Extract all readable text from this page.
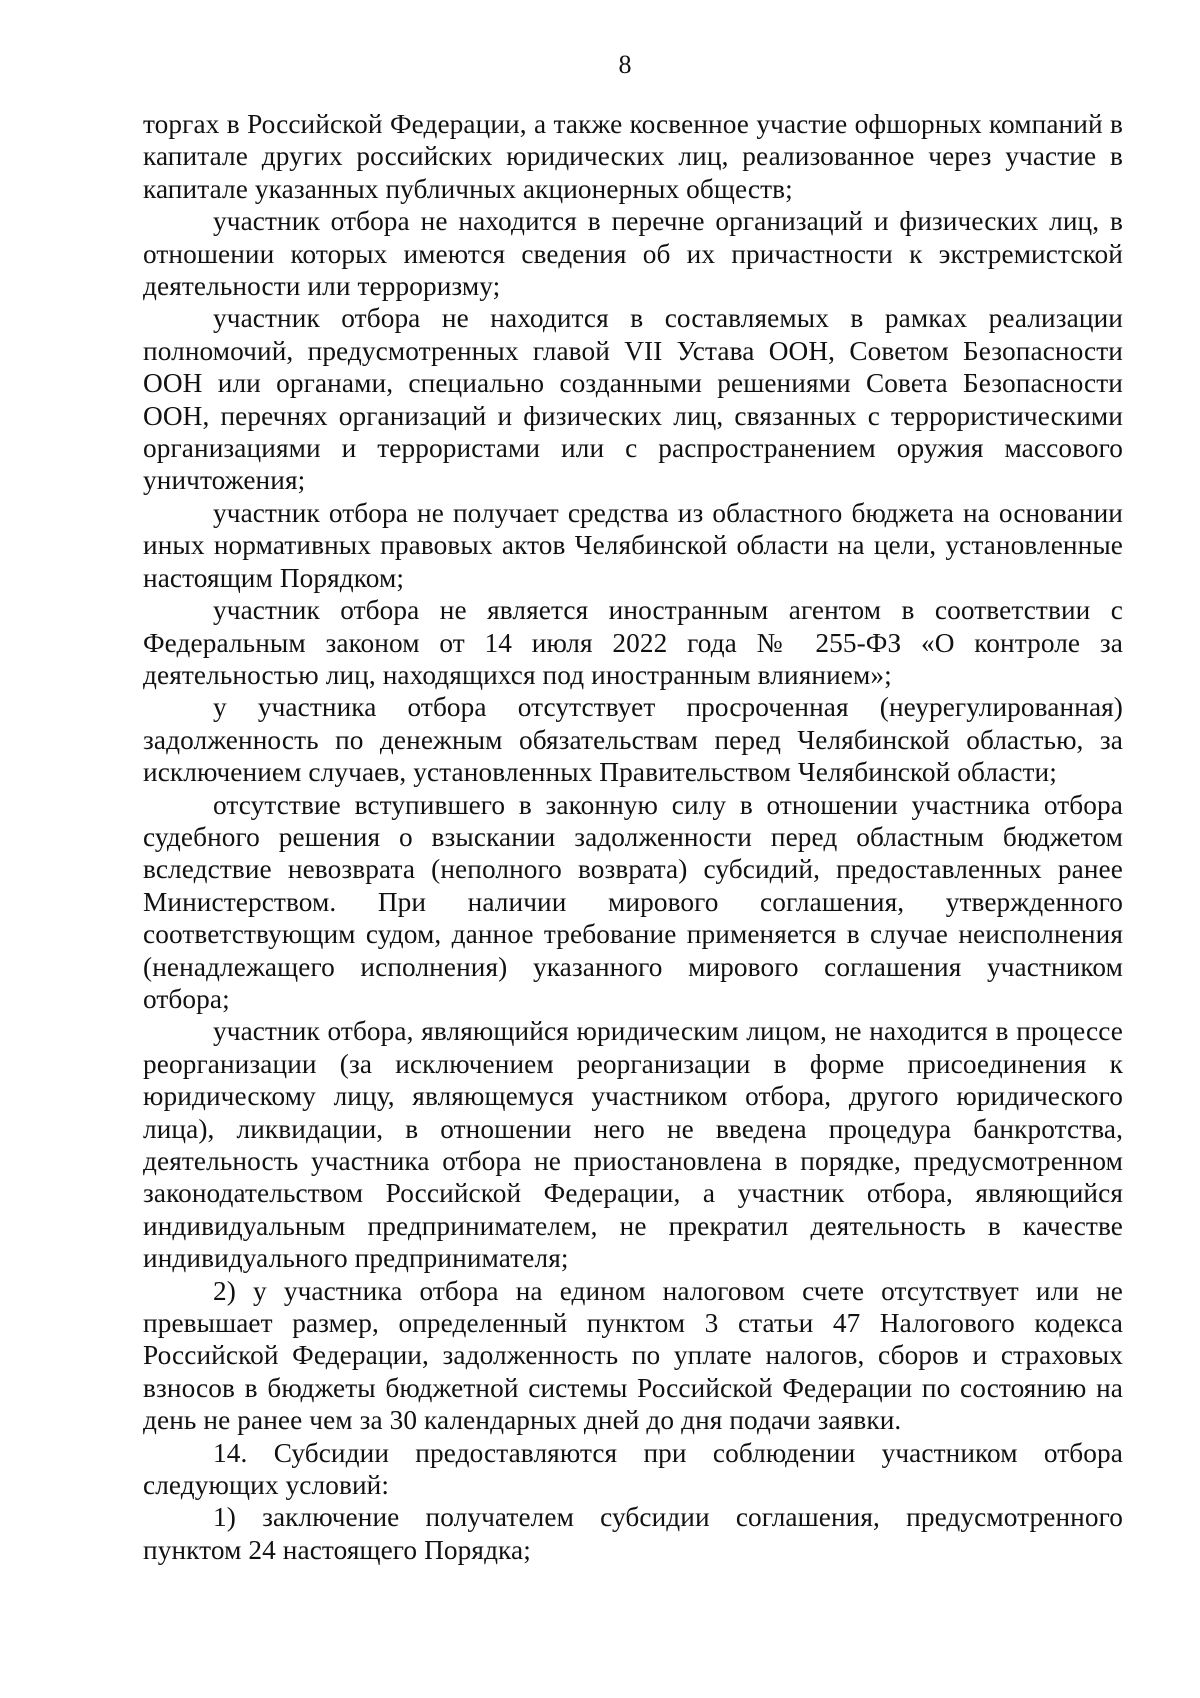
8

торгах в Российской Федерации, а также косвенное участие офшорных компаний в капитале других российских юридических лиц, реализованное через участие в капитале указанных публичных акционерных обществ;

участник отбора не находится в перечне организаций и физических лиц, в отношении которых имеются сведения об их причастности к экстремистской деятельности или терроризму;

участник отбора не находится в составляемых в рамках реализации полномочий, предусмотренных главой VII Устава ООН, Советом Безопасности ООН или органами, специально созданными решениями Совета Безопасности ООН, перечнях организаций и физических лиц, связанных с террористическими организациями и террористами или с распространением оружия массового уничтожения;

участник отбора не получает средства из областного бюджета на основании иных нормативных правовых актов Челябинской области на цели, установленные настоящим Порядком;

участник отбора не является иностранным агентом в соответствии с Федеральным законом от 14 июля 2022 года № 255-ФЗ «О контроле за деятельностью лиц, находящихся под иностранным влиянием»;

у участника отбора отсутствует просроченная (неурегулированная) задолженность по денежным обязательствам перед Челябинской областью, за исключением случаев, установленных Правительством Челябинской области;

отсутствие вступившего в законную силу в отношении участника отбора судебного решения о взыскании задолженности перед областным бюджетом вследствие невозврата (неполного возврата) субсидий, предоставленных ранее Министерством. При наличии мирового соглашения, утвержденного соответствующим судом, данное требование применяется в случае неисполнения (ненадлежащего исполнения) указанного мирового соглашения участником отбора;

участник отбора, являющийся юридическим лицом, не находится в процессе реорганизации (за исключением реорганизации в форме присоединения к юридическому лицу, являющемуся участником отбора, другого юридического лица), ликвидации, в отношении него не введена процедура банкротства, деятельность участника отбора не приостановлена в порядке, предусмотренном законодательством Российской Федерации, а участник отбора, являющийся индивидуальным предпринимателем, не прекратил деятельность в качестве индивидуального предпринимателя;

2) у участника отбора на едином налоговом счете отсутствует или не превышает размер, определенный пунктом 3 статьи 47 Налогового кодекса Российской Федерации, задолженность по уплате налогов, сборов и страховых взносов в бюджеты бюджетной системы Российской Федерации по состоянию на день не ранее чем за 30 календарных дней до дня подачи заявки.

14. Субсидии предоставляются при соблюдении участником отбора следующих условий:

1) заключение получателем субсидии соглашения, предусмотренного пунктом 24 настоящего Порядка;
